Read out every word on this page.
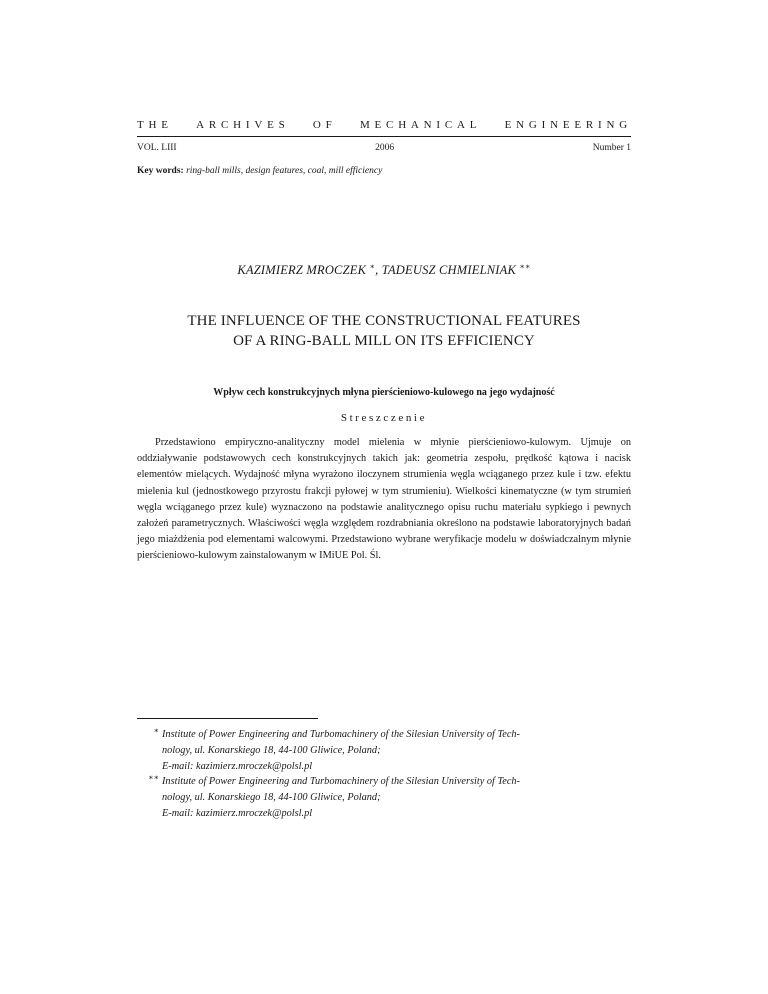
THE ARCHIVES OF MECHANICAL ENGINEERING
VOL. LIII	2006	Number 1
Key words: ring-ball mills, design features, coal, mill efficiency
KAZIMIERZ MROCZEK ∗, TADEUSZ CHMIELNIAK ∗∗
THE INFLUENCE OF THE CONSTRUCTIONAL FEATURES
OF A RING-BALL MILL ON ITS EFFICIENCY
Wpływ cech konstrukcyjnych młyna pierścieniowo-kulowego na jego wydajność
Streszczenie
Przedstawiono empiryczno-analityczny model mielenia w młynie pierścieniowo-kulowym. Ujmuje on oddziaływanie podstawowych cech konstrukcyjnych takich jak: geometria zespołu, prędkość kątowa i nacisk elementów mielących. Wydajność młyna wyrażono iloczynem strumienia węgla wciąganego przez kule i tzw. efektu mielenia kul (jednostkowego przyrostu frakcji pyłowej w tym strumieniu). Wielkości kinematyczne (w tym strumień węgla wciąganego przez kule) wyznaczono na podstawie analitycznego opisu ruchu materiału sypkiego i pewnych założeń parametrycznych. Właściwości węgla względem rozdrabniania określono na podstawie laboratoryjnych badań jego miażdżenia pod elementami walcowymi. Przedstawiono wybrane weryfikacje modelu w doświadczalnym młynie pierścieniowo-kulowym zainstalowanym w IMiUE Pol. Śl.
∗ Institute of Power Engineering and Turbomachinery of the Silesian University of Tech-
nology, ul. Konarskiego 18, 44-100 Gliwice, Poland;
E-mail: kazimierz.mroczek@polsl.pl
∗∗ Institute of Power Engineering and Turbomachinery of the Silesian University of Tech-
nology, ul. Konarskiego 18, 44-100 Gliwice, Poland;
E-mail: kazimierz.mroczek@polsl.pl
